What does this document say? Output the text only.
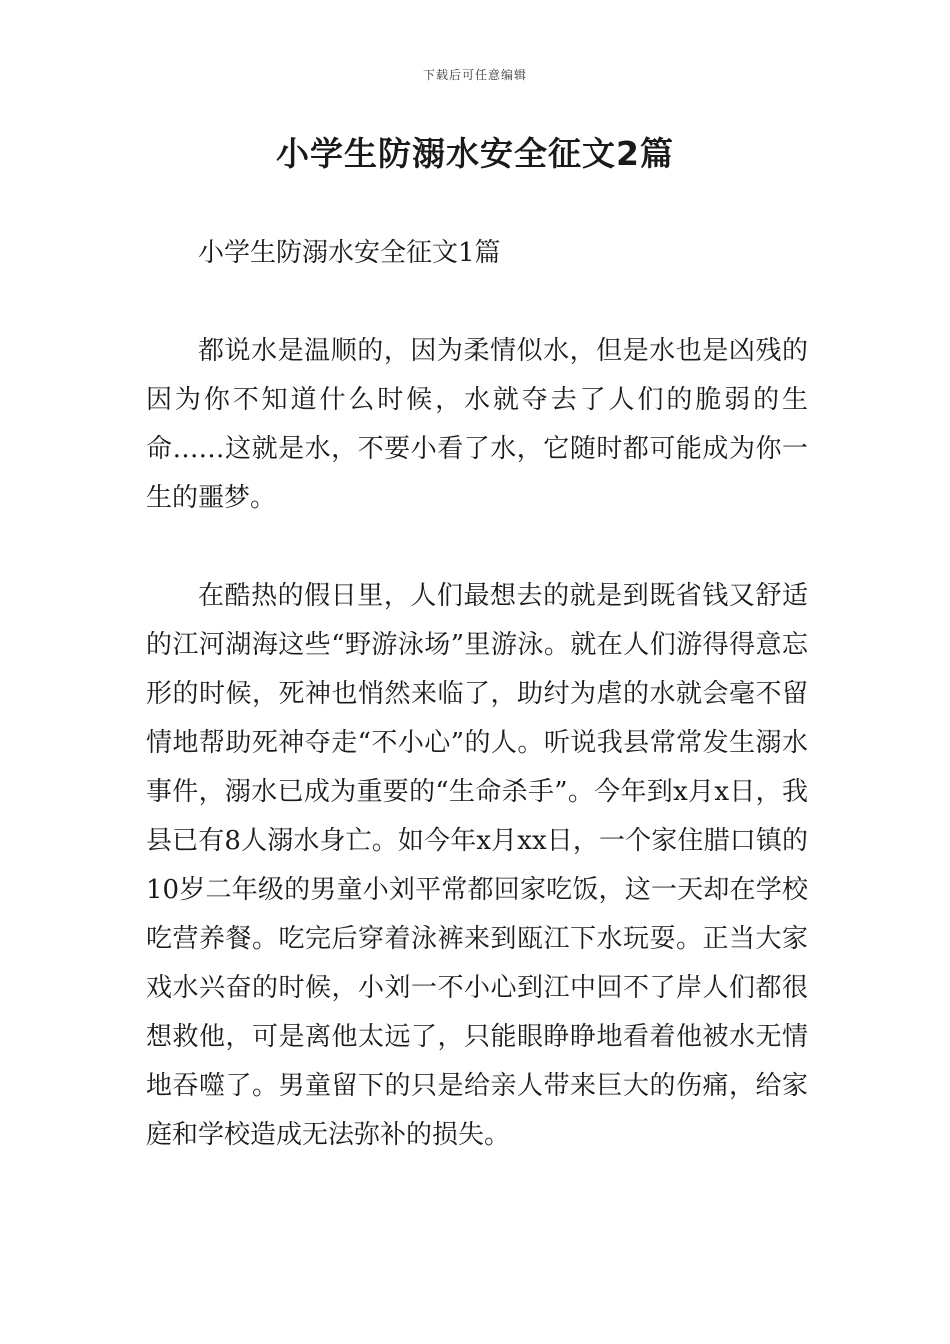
下载后可任意编辑
小学生防溺水安全征文2篇

小学生防溺水安全征文1篇

都说水是温顺的，因为柔情似水，但是水也是凶残的因为你不知道什么时候，水就夺去了人们的脆弱的生命……这就是水，不要小看了水，它随时都可能成为你一生的噩梦。

在酷热的假日里，人们最想去的就是到既省钱又舒适的江河湖海这些“野游泳场”里游泳。就在人们游得得意忘形的时候，死神也悄然来临了，助纣为虐的水就会毫不留情地帮助死神夺走“不小心”的人。听说我县常常发生溺水事件，溺水已成为重要的“生命杀手”。今年到x月x日，我县已有8人溺水身亡。如今年x月xx日，一个家住腊口镇的10岁二年级的男童小刘平常都回家吃饭，这一天却在学校吃营养餐。吃完后穿着泳裤来到瓯江下水玩耍。正当大家戏水兴奋的时候，小刘一不小心到江中回不了岸人们都很想救他，可是离他太远了，只能眼睁睁地看着他被水无情地吞噬了。男童留下的只是给亲人带来巨大的伤痛，给家庭和学校造成无法弥补的损失。
